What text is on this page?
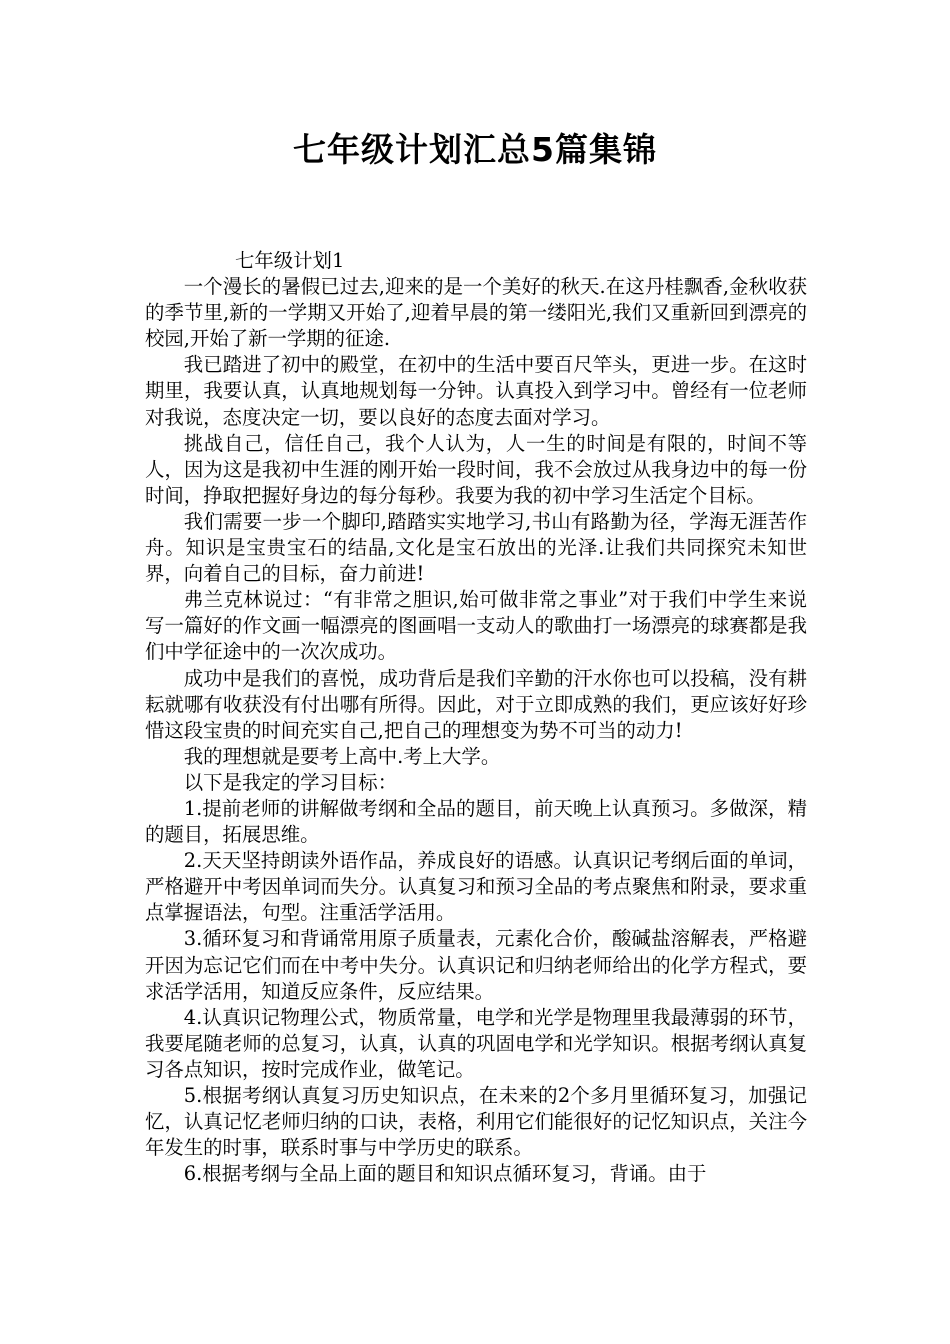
七年级计划汇总5篇集锦
七年级计划1

一个漫长的暑假已过去,迎来的是一个美好的秋天.在这丹桂飘香,金秋收获的季节里,新的一学期又开始了,迎着早晨的第一缕阳光,我们又重新回到漂亮的校园,开始了新一学期的征途.

我已踏进了初中的殿堂，在初中的生活中要百尺竿头，更进一步。在这时期里，我要认真，认真地规划每一分钟。认真投入到学习中。曾经有一位老师对我说，态度决定一切，要以良好的态度去面对学习。

挑战自己，信任自己，我个人认为，人一生的时间是有限的，时间不等人，因为这是我初中生涯的刚开始一段时间，我不会放过从我身边中的每一份时间，挣取把握好身边的每分每秒。我要为我的初中学习生活定个目标。

我们需要一步一个脚印,踏踏实实地学习,书山有路勤为径，学海无涯苦作舟。知识是宝贵宝石的结晶,文化是宝石放出的光泽.让我们共同探究未知世界，向着自己的目标，奋力前进!

弗兰克林说过：“有非常之胆识,始可做非常之事业”对于我们中学生来说写一篇好的作文画一幅漂亮的图画唱一支动人的歌曲打一场漂亮的球赛都是我们中学征途中的一次次成功。

成功中是我们的喜悦，成功背后是我们辛勤的汗水你也可以投稿，没有耕耘就哪有收获没有付出哪有所得。因此，对于立即成熟的我们，更应该好好珍惜这段宝贵的时间充实自己,把自己的理想变为势不可当的动力!

我的理想就是要考上高中.考上大学。

以下是我定的学习目标：

1.提前老师的讲解做考纲和全品的题目，前天晚上认真预习。多做深，精的题目，拓展思维。

2.天天坚持朗读外语作品，养成良好的语感。认真识记考纲后面的单词，严格避开中考因单词而失分。认真复习和预习全品的考点聚焦和附录，要求重点掌握语法，句型。注重活学活用。

3.循环复习和背诵常用原子质量表，元素化合价，酸碱盐溶解表，严格避开因为忘记它们而在中考中失分。认真识记和归纳老师给出的化学方程式，要求活学活用，知道反应条件，反应结果。

4.认真识记物理公式，物质常量，电学和光学是物理里我最薄弱的环节，我要尾随老师的总复习，认真，认真的巩固电学和光学知识。根据考纲认真复习各点知识，按时完成作业，做笔记。

5.根据考纲认真复习历史知识点，在未来的2个多月里循环复习，加强记忆，认真记忆老师归纳的口诀，表格，利用它们能很好的记忆知识点，关注今年发生的时事，联系时事与中学历史的联系。

6.根据考纲与全品上面的题目和知识点循环复习，背诵。由于
